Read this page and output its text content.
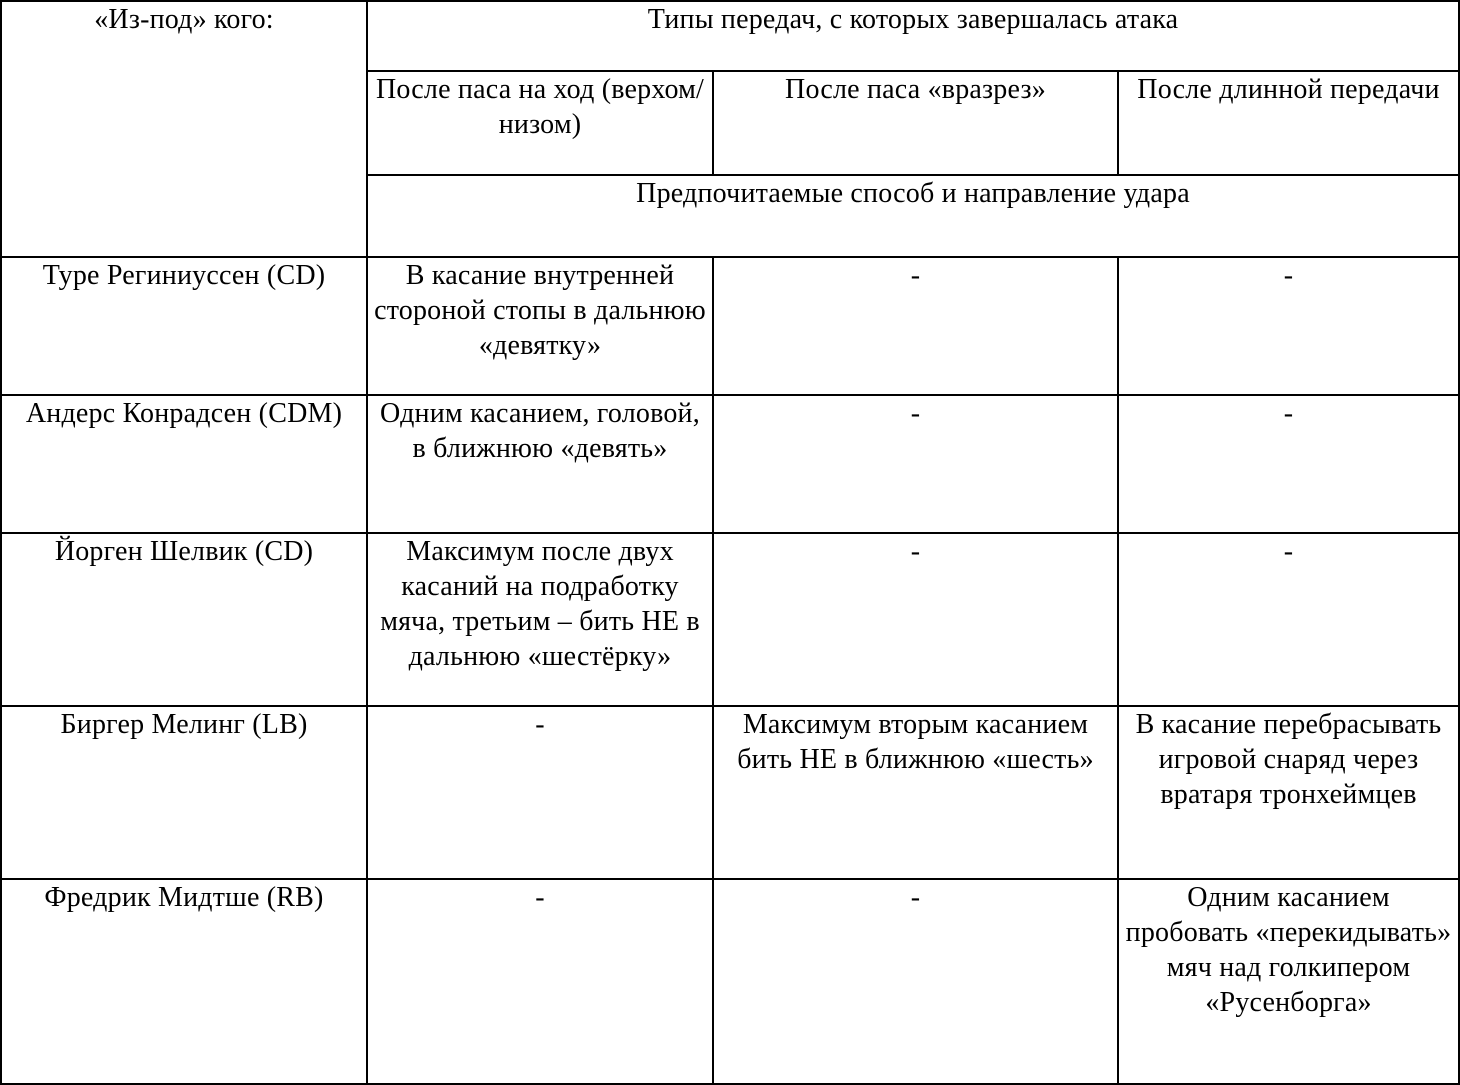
«Из-под» кого:	Типы передач, с которых завершалась атака		
	После паса на ход (верхом/низом)	После паса «вразрез»	После длинной передачи
	Предпочитаемые способ и направление удара		
Туре Региниуссен (CD)	В касание внутренней стороной стопы в дальнюю «девятку»	-	-
Андерс Конрадсен (CDM)	Одним касанием, головой, в ближнюю «девять»	-	-
Йорген Шелвик (CD)	Максимум после двух касаний на подработку мяча, третьим – бить НЕ в дальнюю «шестёрку»	-	-
Биргер Мелинг (LB)	-	Максимум вторым касанием бить НЕ в ближнюю «шесть»	В касание перебрасывать игровой снаряд через вратаря тронхеймцев
Фредрик Мидтше (RB)	-	-	Одним касанием пробовать «перекидывать» мяч над голкипером «Русенборга»
